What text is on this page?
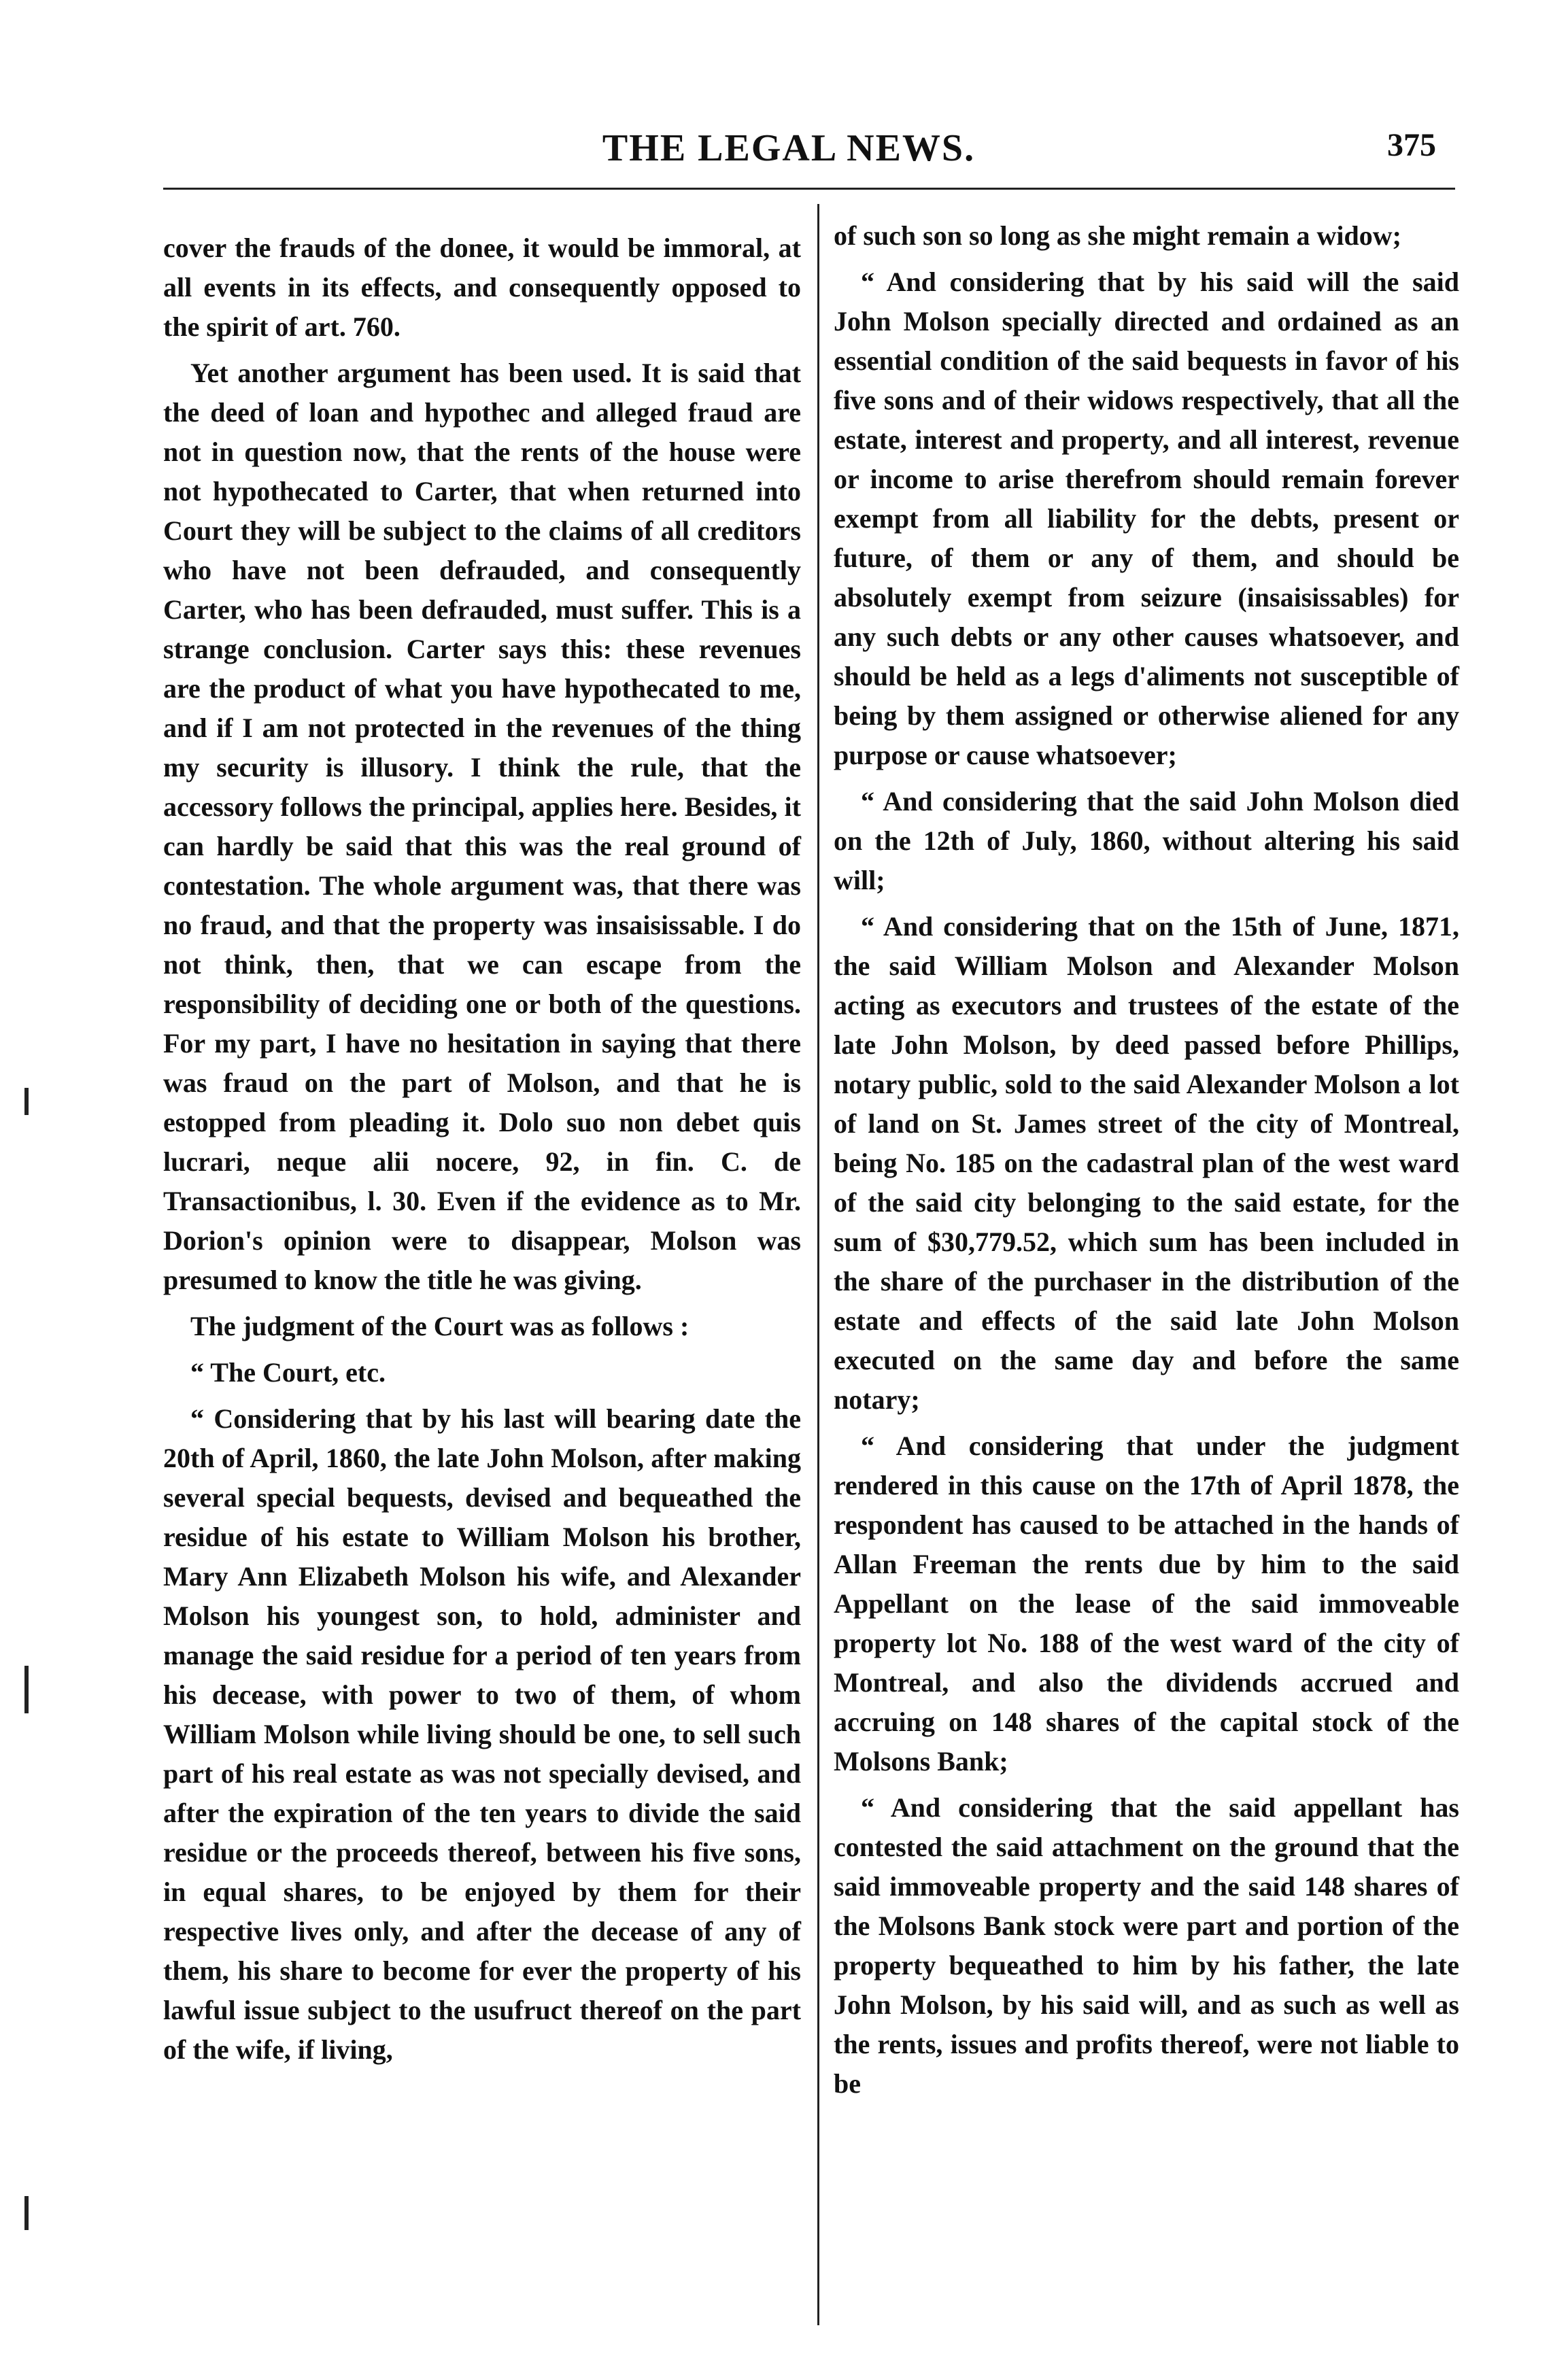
THE LEGAL NEWS.	375

cover the frauds of the donee, it would be immoral, at all events in its effects, and consequently opposed to the spirit of art. 760.

Yet another argument has been used. It is said that the deed of loan and hypothec and alleged fraud are not in question now, that the rents of the house were not hypothecated to Carter, that when returned into Court they will be subject to the claims of all creditors who have not been defrauded, and consequently Carter, who has been defrauded, must suffer. This is a strange conclusion. Carter says this: these revenues are the product of what you have hypothecated to me, and if I am not protected in the revenues of the thing my security is illusory. I think the rule, that the accessory follows the principal, applies here. Besides, it can hardly be said that this was the real ground of contestation. The whole argument was, that there was no fraud, and that the property was insaisissable. I do not think, then, that we can escape from the responsibility of deciding one or both of the questions. For my part, I have no hesitation in saying that there was fraud on the part of Molson, and that he is estopped from pleading it. Dolo suo non debet quis lucrari, neque alii nocere, 92, in fin. C. de Transactionibus, l. 30. Even if the evidence as to Mr. Dorion's opinion were to disappear, Molson was presumed to know the title he was giving.

The judgment of the Court was as follows :

“ The Court, etc.

“ Considering that by his last will bearing date the 20th of April, 1860, the late John Molson, after making several special bequests, devised and bequeathed the residue of his estate to William Molson his brother, Mary Ann Elizabeth Molson his wife, and Alexander Molson his youngest son, to hold, administer and manage the said residue for a period of ten years from his decease, with power to two of them, of whom William Molson while living should be one, to sell such part of his real estate as was not specially devised, and after the expiration of the ten years to divide the said residue or the proceeds thereof, between his five sons, in equal shares, to be enjoyed by them for their respective lives only, and after the decease of any of them, his share to become for ever the property of his lawful issue subject to the usufruct thereof on the part of the wife, if living,

of such son so long as she might remain a widow;

“ And considering that by his said will the said John Molson specially directed and ordained as an essential condition of the said bequests in favor of his five sons and of their widows respectively, that all the estate, interest and property, and all interest, revenue or income to arise therefrom should remain forever exempt from all liability for the debts, present or future, of them or any of them, and should be absolutely exempt from seizure (insaisissables) for any such debts or any other causes whatsoever, and should be held as a legs d'aliments not susceptible of being by them assigned or otherwise aliened for any purpose or cause whatsoever;

“ And considering that the said John Molson died on the 12th of July, 1860, without altering his said will;

“ And considering that on the 15th of June, 1871, the said William Molson and Alexander Molson acting as executors and trustees of the estate of the late John Molson, by deed passed before Phillips, notary public, sold to the said Alexander Molson a lot of land on St. James street of the city of Montreal, being No. 185 on the cadastral plan of the west ward of the said city belonging to the said estate, for the sum of $30,779.52, which sum has been included in the share of the purchaser in the distribution of the estate and effects of the said late John Molson executed on the same day and before the same notary;

“ And considering that under the judgment rendered in this cause on the 17th of April 1878, the respondent has caused to be attached in the hands of Allan Freeman the rents due by him to the said Appellant on the lease of the said immoveable property lot No. 188 of the west ward of the city of Montreal, and also the dividends accrued and accruing on 148 shares of the capital stock of the Molsons Bank;

“ And considering that the said appellant has contested the said attachment on the ground that the said immoveable property and the said 148 shares of the Molsons Bank stock were part and portion of the property bequeathed to him by his father, the late John Molson, by his said will, and as such as well as the rents, issues and profits thereof, were not liable to be
